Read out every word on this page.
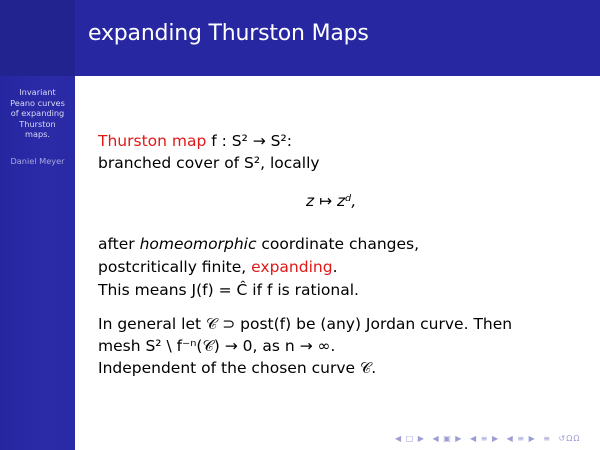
Invariant
Peano curves
of expanding
Thurston
maps.
Daniel Meyer
expanding Thurston Maps
Thurston map f : S² → S²:
branched cover of S², locally
z ↦ zᵈ,
after homeomorphic coordinate changes,
postcritically finite, expanding.
This means J(f) = Ĉ if f is rational.
In general let 𝒞 ⊃ post(f) be (any) Jordan curve. Then
mesh S² \ f⁻ⁿ(𝒞) → 0, as n → ∞.
Independent of the chosen curve 𝒞.
◀ □ ▶ ◀ ▣ ▶ ◀ ≡ ▶ ◀ ≡ ▶ ≡ ↺ΩΩ
